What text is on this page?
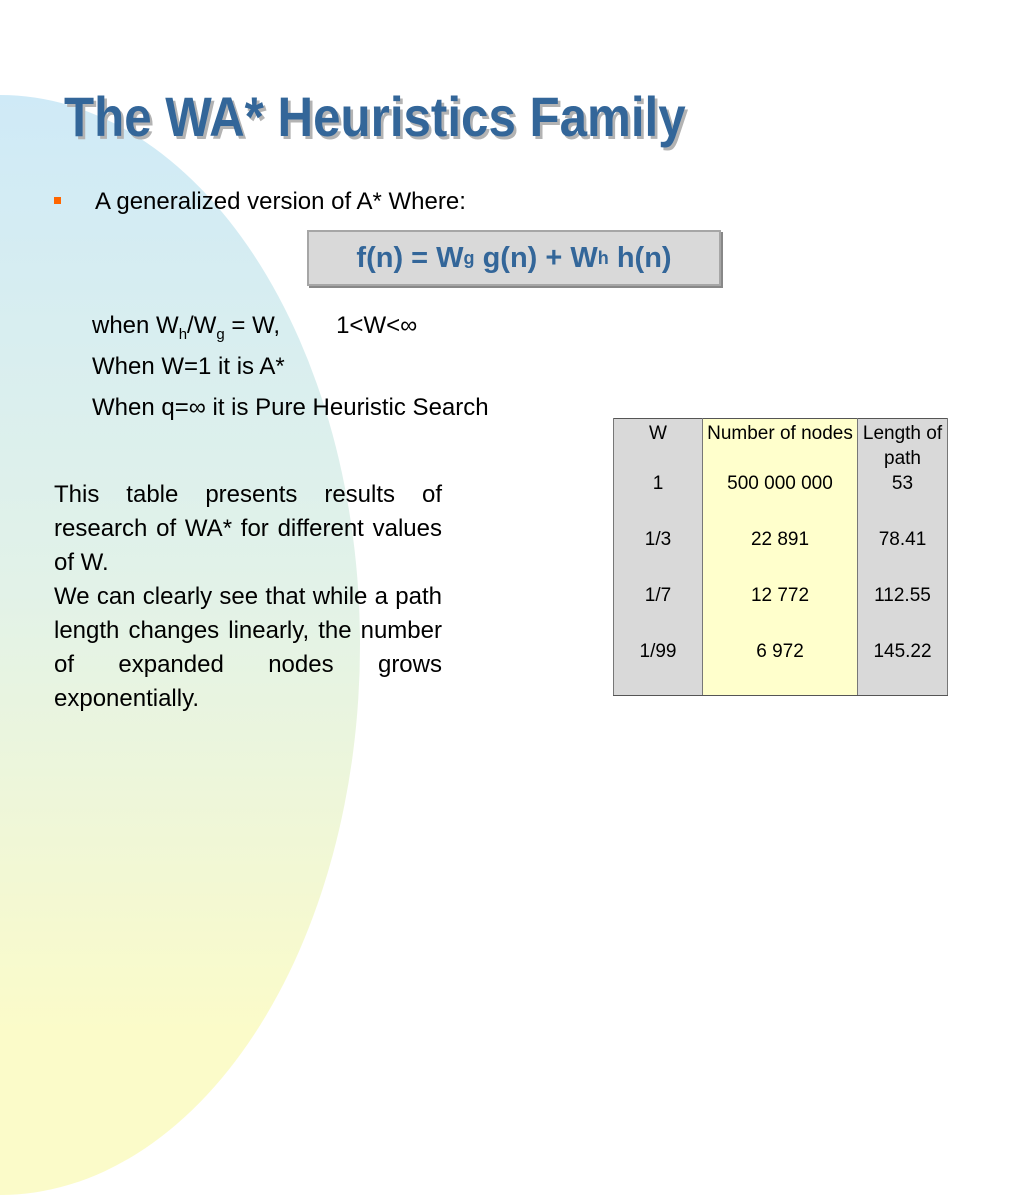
The WA* Heuristics Family
A generalized version of A* Where:
f(n) = W g g(n) + W h h(n)
when $W_h/W_g = W$, 1<W<∞
When W=1 it is A*
When q=∞ it is Pure Heuristic Search

This table presents results of research of WA* for different values of W.

We can clearly see that while a path length changes linearly, the number of expanded nodes grows exponentially.

W	Number of nodes	Length of path
1	500 000 000	53

1/3	22 891	78.41

1/7	12 772	112.55

1/99	6 972	145.22
